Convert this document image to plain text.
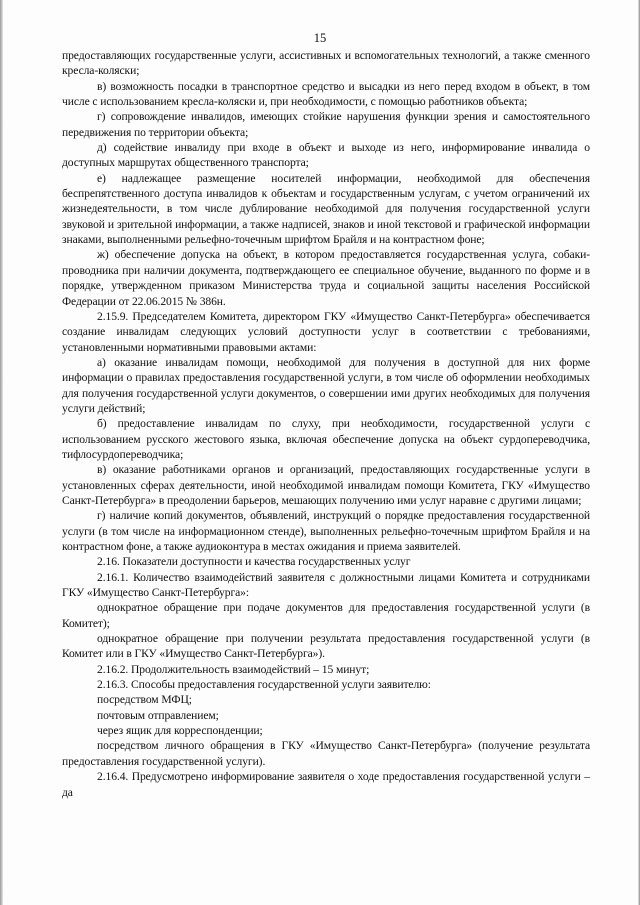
15

предоставляющих государственные услуги, ассистивных и вспомогательных технологий, а также сменного кресла-коляски;

в) возможность посадки в транспортное средство и высадки из него перед входом в объект, в том числе с использованием кресла-коляски и, при необходимости, с помощью работников объекта;

г) сопровождение инвалидов, имеющих стойкие нарушения функции зрения и самостоятельного передвижения по территории объекта;

д) содействие инвалиду при входе в объект и выходе из него, информирование инвалида о доступных маршрутах общественного транспорта;

е) надлежащее размещение носителей информации, необходимой для обеспечения беспрепятственного доступа инвалидов к объектам и государственным услугам, с учетом ограничений их жизнедеятельности, в том числе дублирование необходимой для получения государственной услуги звуковой и зрительной информации, а также надписей, знаков и иной текстовой и графической информации знаками, выполненными рельефно-точечным шрифтом Брайля и на контрастном фоне;

ж) обеспечение допуска на объект, в котором предоставляется государственная услуга, собаки-проводника при наличии документа, подтверждающего ее специальное обучение, выданного по форме и в порядке, утвержденном приказом Министерства труда и социальной защиты населения Российской Федерации от 22.06.2015 № 386н.

2.15.9. Председателем Комитета, директором ГКУ «Имущество Санкт-Петербурга» обеспечивается создание инвалидам следующих условий доступности услуг в соответствии с требованиями, установленными нормативными правовыми актами:

а) оказание инвалидам помощи, необходимой для получения в доступной для них форме информации о правилах предоставления государственной услуги, в том числе об оформлении необходимых для получения государственной услуги документов, о совершении ими других необходимых для получения услуги действий;

б) предоставление инвалидам по слуху, при необходимости, государственной услуги с использованием русского жестового языка, включая обеспечение допуска на объект сурдопереводчика, тифлосурдопереводчика;

в) оказание работниками органов и организаций, предоставляющих государственные услуги в установленных сферах деятельности, иной необходимой инвалидам помощи Комитета, ГКУ «Имущество Санкт-Петербурга» в преодолении барьеров, мешающих получению ими услуг наравне с другими лицами;

г) наличие копий документов, объявлений, инструкций о порядке предоставления государственной услуги (в том числе на информационном стенде), выполненных рельефно-точечным шрифтом Брайля и на контрастном фоне, а также аудиоконтура в местах ожидания и приема заявителей.

2.16. Показатели доступности и качества государственных услуг

2.16.1. Количество взаимодействий заявителя с должностными лицами Комитета и сотрудниками ГКУ «Имущество Санкт-Петербурга»:

однократное обращение при подаче документов для предоставления государственной услуги (в Комитет);

однократное обращение при получении результата предоставления государственной услуги (в Комитет или в ГКУ «Имущество Санкт-Петербурга»).

2.16.2. Продолжительность взаимодействий – 15 минут;

2.16.3. Способы предоставления государственной услуги заявителю:

посредством МФЦ;

почтовым отправлением;

через ящик для корреспонденции;

посредством личного обращения в ГКУ «Имущество Санкт-Петербурга» (получение результата предоставления государственной услуги).

2.16.4. Предусмотрено информирование заявителя о ходе предоставления государственной услуги – да
